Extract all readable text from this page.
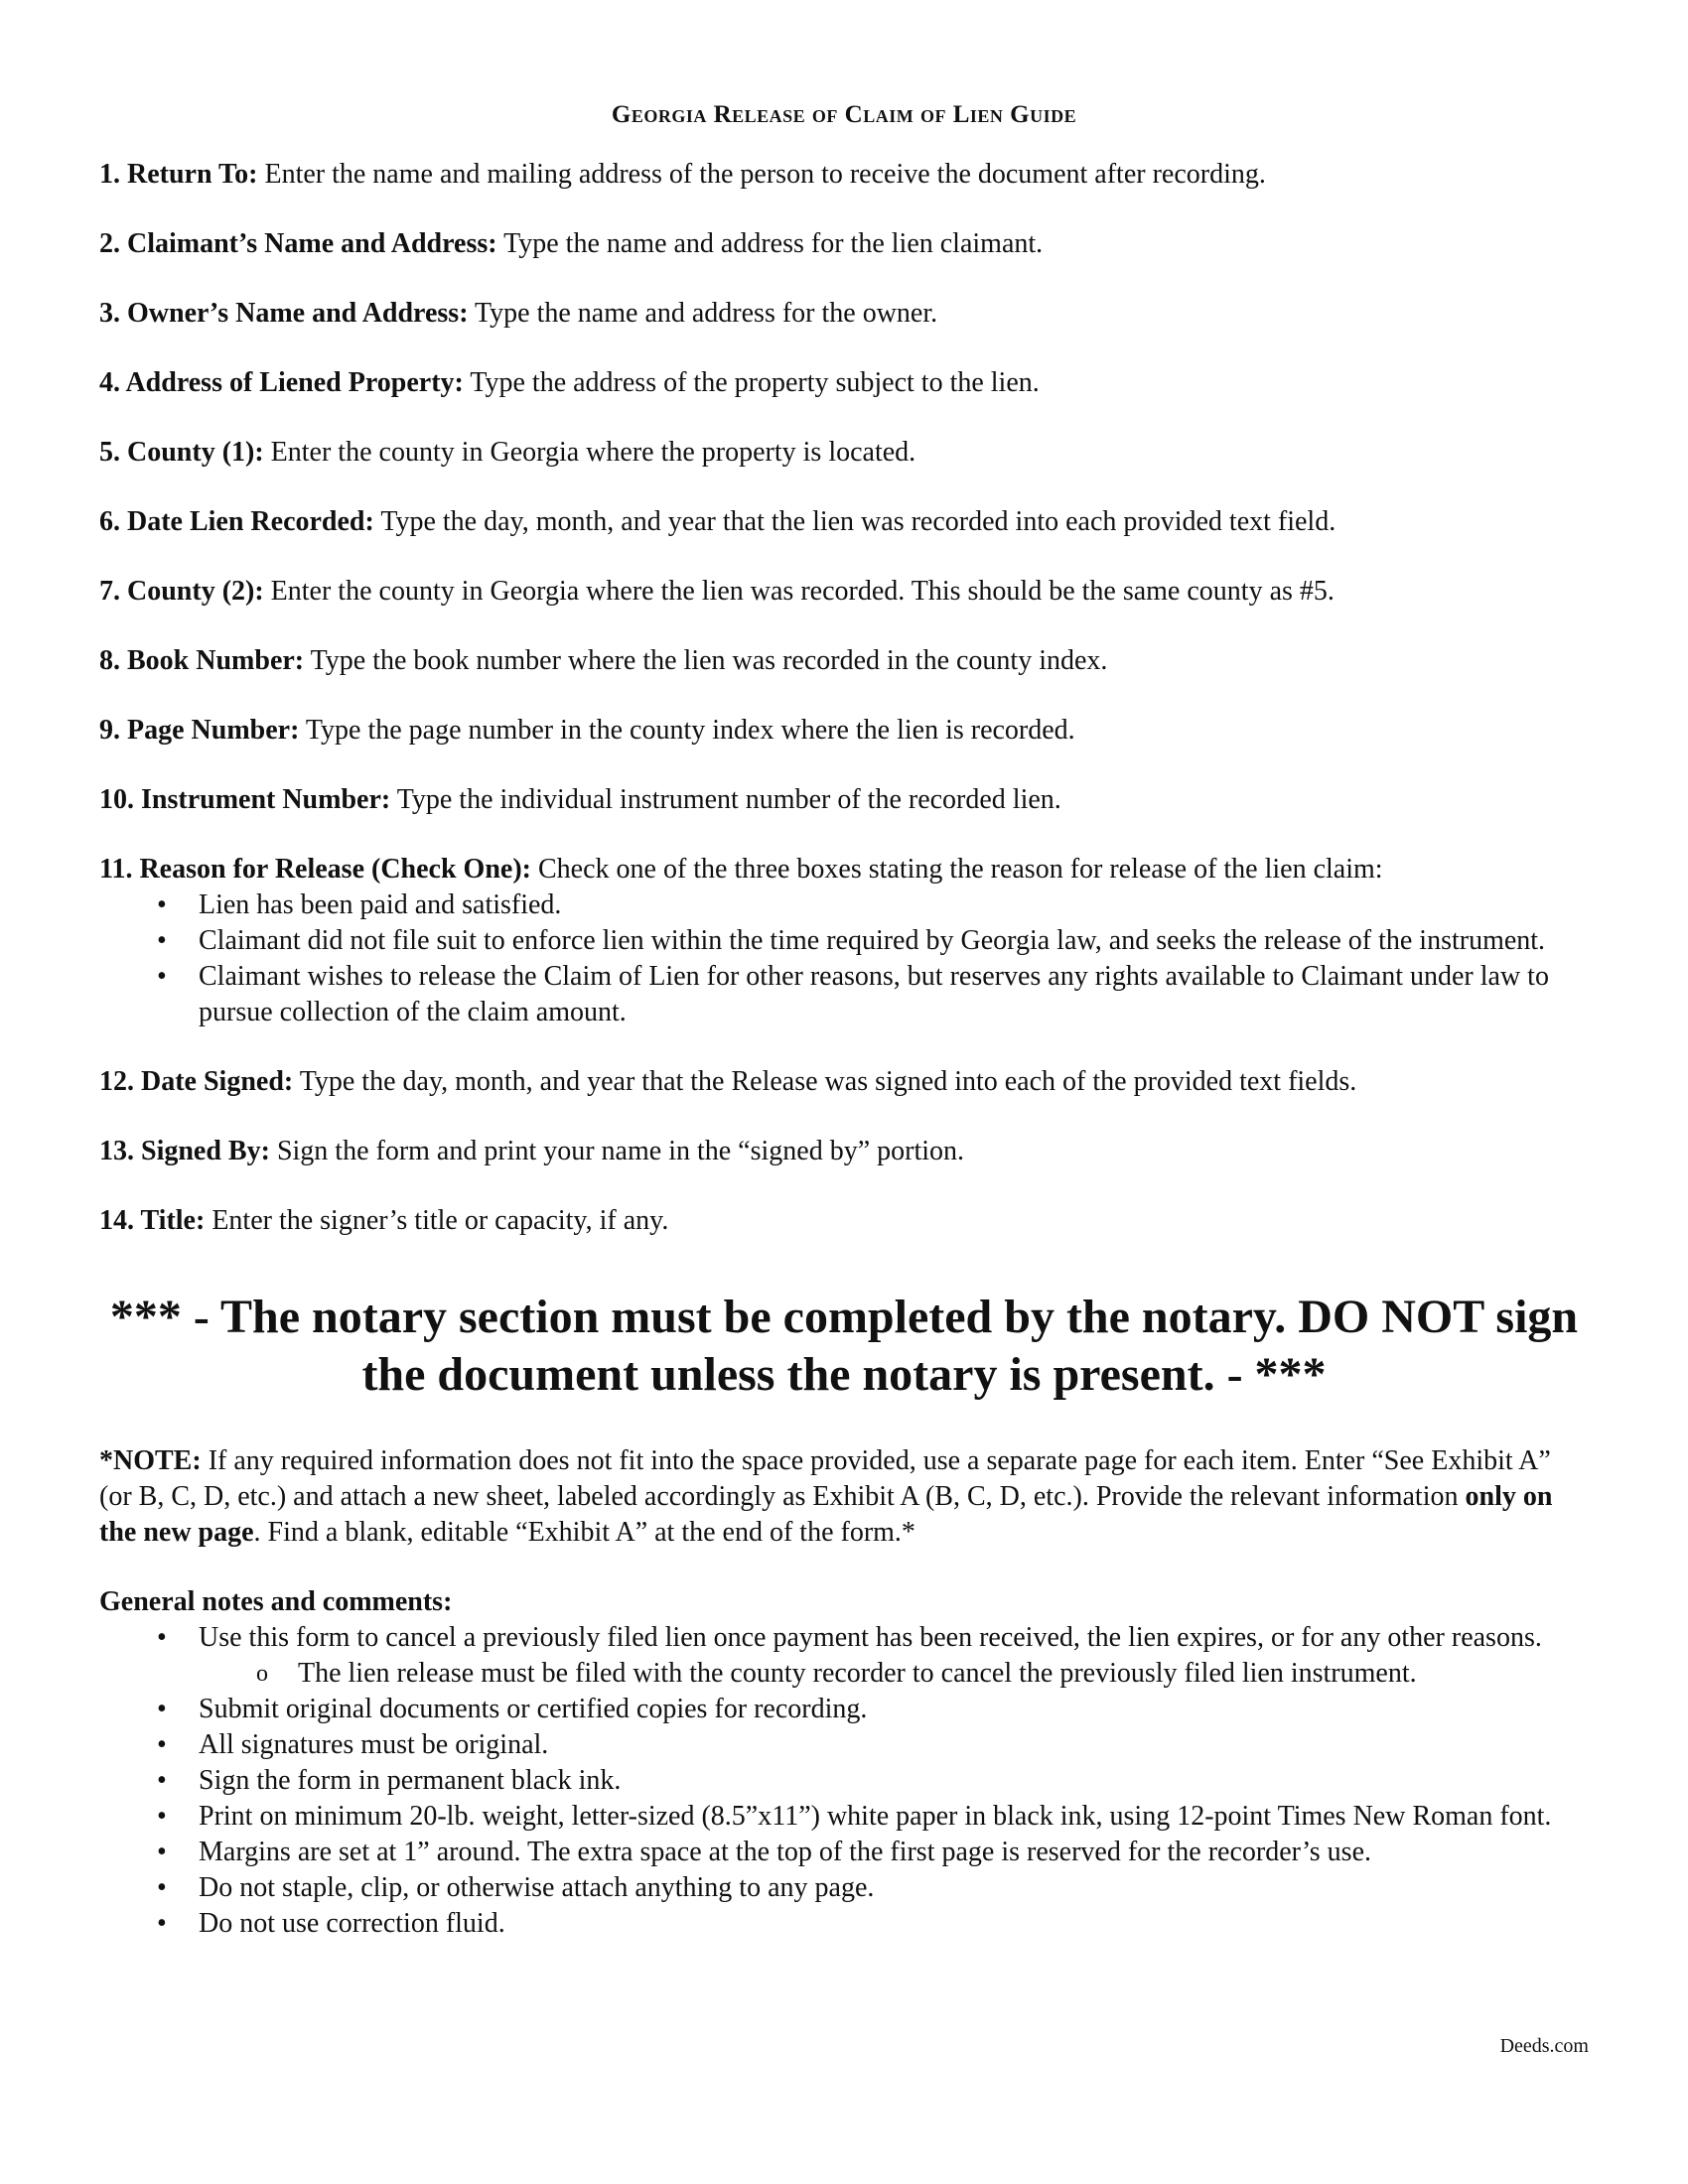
Georgia Release of Claim of Lien Guide
1. Return To: Enter the name and mailing address of the person to receive the document after recording.
2. Claimant’s Name and Address: Type the name and address for the lien claimant.
3. Owner’s Name and Address: Type the name and address for the owner.
4. Address of Liened Property: Type the address of the property subject to the lien.
5. County (1): Enter the county in Georgia where the property is located.
6. Date Lien Recorded: Type the day, month, and year that the lien was recorded into each provided text field.
7. County (2): Enter the county in Georgia where the lien was recorded. This should be the same county as #5.
8. Book Number: Type the book number where the lien was recorded in the county index.
9. Page Number: Type the page number in the county index where the lien is recorded.
10. Instrument Number: Type the individual instrument number of the recorded lien.
11. Reason for Release (Check One): Check one of the three boxes stating the reason for release of the lien claim:
• Lien has been paid and satisfied.
• Claimant did not file suit to enforce lien within the time required by Georgia law, and seeks the release of the instrument.
• Claimant wishes to release the Claim of Lien for other reasons, but reserves any rights available to Claimant under law to pursue collection of the claim amount.
12. Date Signed: Type the day, month, and year that the Release was signed into each of the provided text fields.
13. Signed By: Sign the form and print your name in the “signed by” portion.
14. Title: Enter the signer’s title or capacity, if any.
*** - The notary section must be completed by the notary. DO NOT sign the document unless the notary is present. - ***
*NOTE: If any required information does not fit into the space provided, use a separate page for each item. Enter “See Exhibit A” (or B, C, D, etc.) and attach a new sheet, labeled accordingly as Exhibit A (B, C, D, etc.). Provide the relevant information only on the new page. Find a blank, editable “Exhibit A” at the end of the form.*
General notes and comments:
• Use this form to cancel a previously filed lien once payment has been received, the lien expires, or for any other reasons.
o The lien release must be filed with the county recorder to cancel the previously filed lien instrument.
• Submit original documents or certified copies for recording.
• All signatures must be original.
• Sign the form in permanent black ink.
• Print on minimum 20-lb. weight, letter-sized (8.5”x11”) white paper in black ink, using 12-point Times New Roman font.
• Margins are set at 1” around. The extra space at the top of the first page is reserved for the recorder’s use.
• Do not staple, clip, or otherwise attach anything to any page.
• Do not use correction fluid.
Deeds.com
